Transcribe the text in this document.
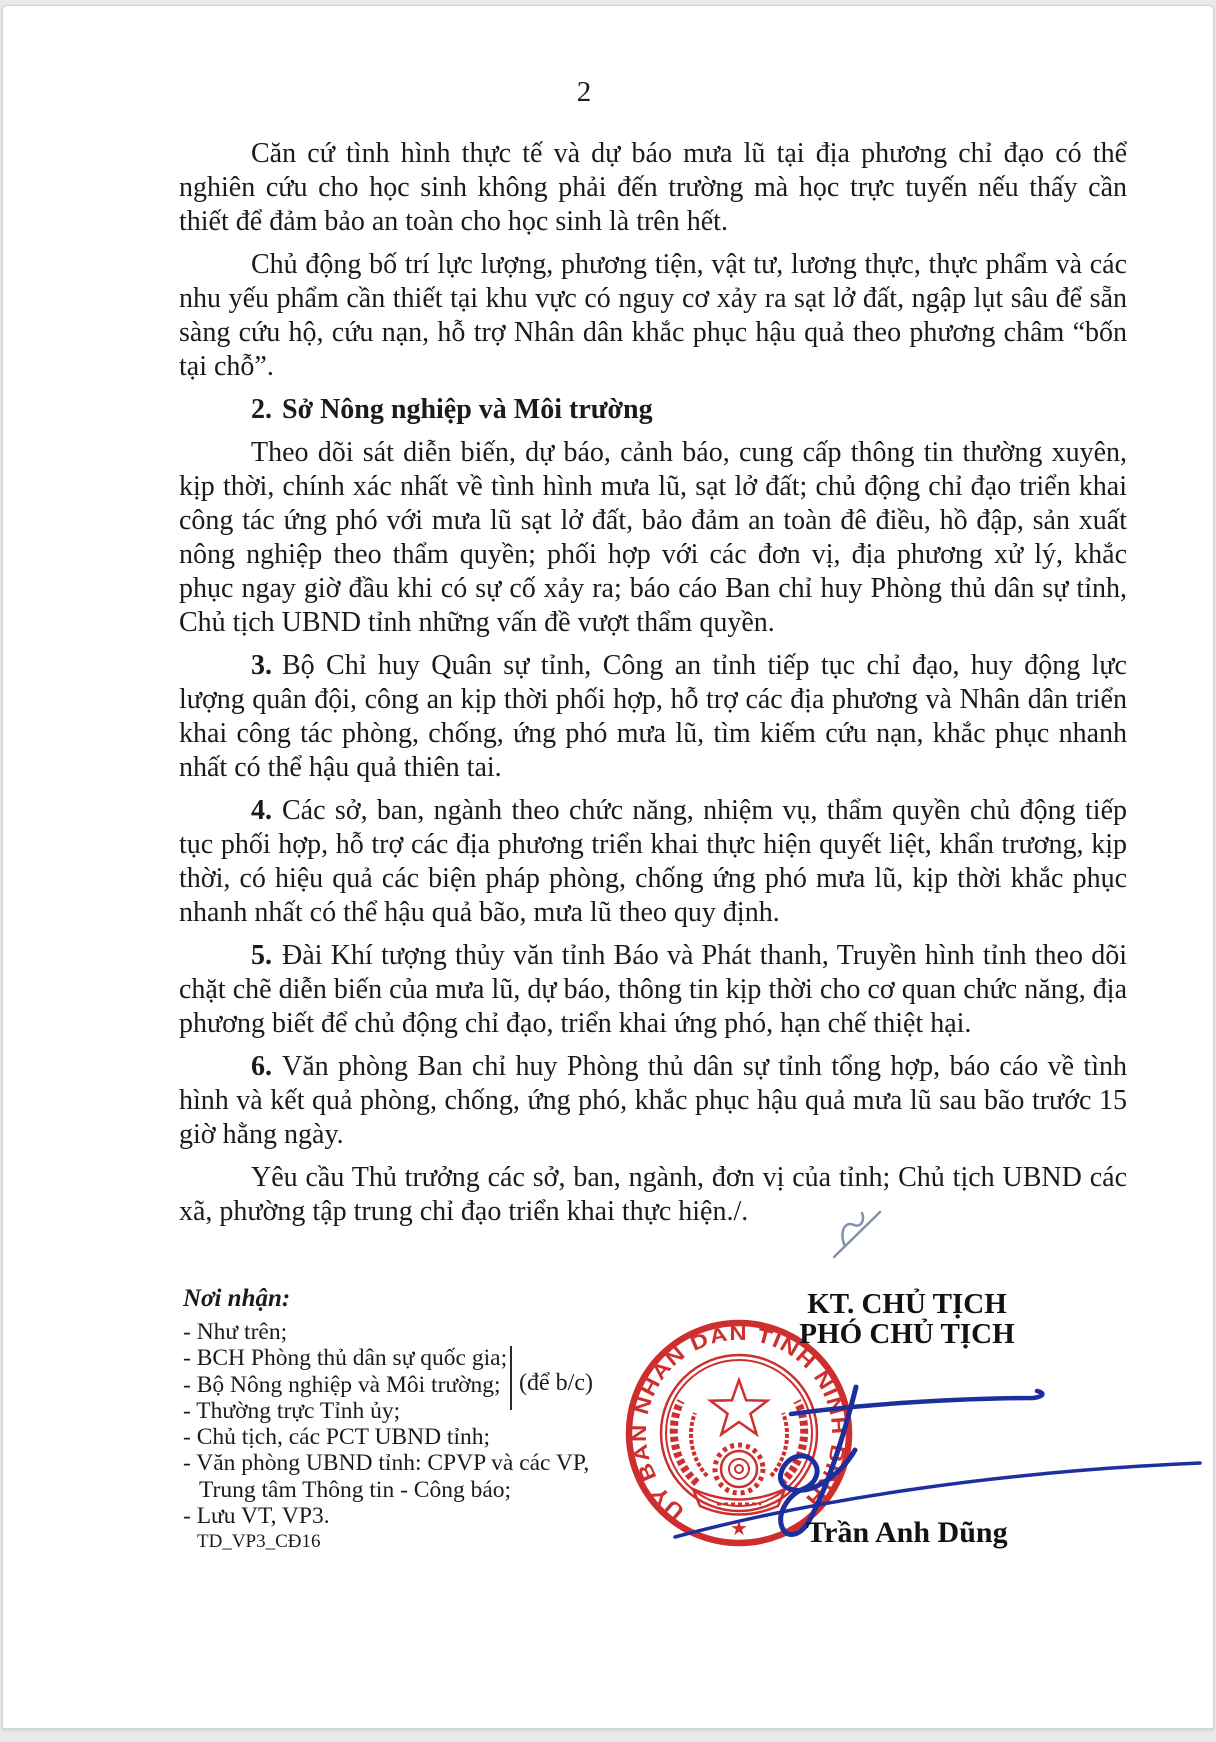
2

Căn cứ tình hình thực tế và dự báo mưa lũ tại địa phương chỉ đạo có thể nghiên cứu cho học sinh không phải đến trường mà học trực tuyến nếu thấy cần thiết để đảm bảo an toàn cho học sinh là trên hết.

Chủ động bố trí lực lượng, phương tiện, vật tư, lương thực, thực phẩm và các nhu yếu phẩm cần thiết tại khu vực có nguy cơ xảy ra sạt lở đất, ngập lụt sâu để sẵn sàng cứu hộ, cứu nạn, hỗ trợ Nhân dân khắc phục hậu quả theo phương châm “bốn tại chỗ”.

2. Sở Nông nghiệp và Môi trường

Theo dõi sát diễn biến, dự báo, cảnh báo, cung cấp thông tin thường xuyên, kịp thời, chính xác nhất về tình hình mưa lũ, sạt lở đất; chủ động chỉ đạo triển khai công tác ứng phó với mưa lũ sạt lở đất, bảo đảm an toàn đê điều, hồ đập, sản xuất nông nghiệp theo thẩm quyền; phối hợp với các đơn vị, địa phương xử lý, khắc phục ngay giờ đầu khi có sự cố xảy ra; báo cáo Ban chỉ huy Phòng thủ dân sự tỉnh, Chủ tịch UBND tỉnh những vấn đề vượt thẩm quyền.

3. Bộ Chỉ huy Quân sự tỉnh, Công an tỉnh tiếp tục chỉ đạo, huy động lực lượng quân đội, công an kịp thời phối hợp, hỗ trợ các địa phương và Nhân dân triển khai công tác phòng, chống, ứng phó mưa lũ, tìm kiếm cứu nạn, khắc phục nhanh nhất có thể hậu quả thiên tai.

4. Các sở, ban, ngành theo chức năng, nhiệm vụ, thẩm quyền chủ động tiếp tục phối hợp, hỗ trợ các địa phương triển khai thực hiện quyết liệt, khẩn trương, kịp thời, có hiệu quả các biện pháp phòng, chống ứng phó mưa lũ, kịp thời khắc phục nhanh nhất có thể hậu quả bão, mưa lũ theo quy định.

5. Đài Khí tượng thủy văn tỉnh Báo và Phát thanh, Truyền hình tỉnh theo dõi chặt chẽ diễn biến của mưa lũ, dự báo, thông tin kịp thời cho cơ quan chức năng, địa phương biết để chủ động chỉ đạo, triển khai ứng phó, hạn chế thiệt hại.

6. Văn phòng Ban chỉ huy Phòng thủ dân sự tỉnh tổng hợp, báo cáo về tình hình và kết quả phòng, chống, ứng phó, khắc phục hậu quả mưa lũ sau bão trước 15 giờ hằng ngày.

Yêu cầu Thủ trưởng các sở, ban, ngành, đơn vị của tỉnh; Chủ tịch UBND các xã, phường tập trung chỉ đạo triển khai thực hiện./.

Nơi nhận:
- Như trên;
- BCH Phòng thủ dân sự quốc gia;
- Bộ Nông nghiệp và Môi trường;
- Thường trực Tỉnh ủy;
- Chủ tịch, các PCT UBND tỉnh;
- Văn phòng UBND tỉnh: CPVP và các VP,
Trung tâm Thông tin - Công báo;
- Lưu VT, VP3.
TD_VP3_CĐ16
(để b/c)
KT. CHỦ TỊCH
PHÓ CHỦ TỊCH
Trần Anh Dũng
ỦY BAN NHÂN DÂN TỈNH NINH BÌNH
★
